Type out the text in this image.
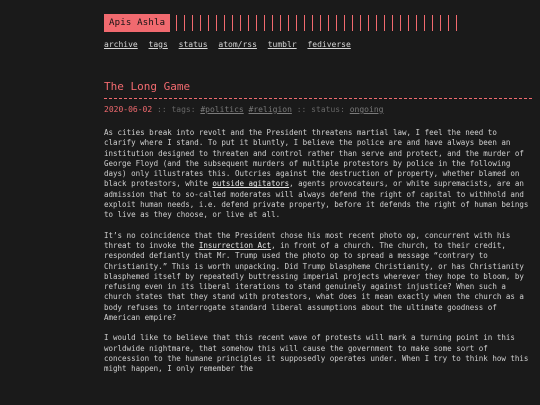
Apis Ashla
archive tags status atom/rss tumblr fediverse
The Long Game
2020-06-02 :: tags: #politics #religion :: status: ongoing

As cities break into revolt and the President threatens martial law, I feel the need to clarify where I stand. To put it bluntly, I believe the police are and have always been an institution designed to threaten and control rather than serve and protect, and the murder of George Floyd (and the subsequent murders of multiple protestors by police in the following days) only illustrates this. Outcries against the destruction of property, whether blamed on black protestors, white outside agitators, agents provocateurs, or white supremacists, are an admission that to so-called moderates will always defend the right of capital to withhold and exploit human needs, i.e. defend private property, before it defends the right of human beings to live as they choose, or live at all.

It’s no coincidence that the President chose his most recent photo op, concurrent with his threat to invoke the Insurrection Act, in front of a church. The church, to their credit, responded defiantly that Mr. Trump used the photo op to spread a message “contrary to Christianity.” This is worth unpacking. Did Trump blaspheme Christianity, or has Christianity blasphemed itself by repeatedly buttressing imperial projects wherever they hope to bloom, by refusing even in its liberal iterations to stand genuinely against injustice? When such a church states that they stand with protestors, what does it mean exactly when the church as a body refuses to interrogate standard liberal assumptions about the ultimate goodness of American empire?

I would like to believe that this recent wave of protests will mark a turning point in this worldwide nightmare, that somehow this will cause the government to make some sort of concession to the humane principles it supposedly operates under. When I try to think how this might happen, I only remember the
